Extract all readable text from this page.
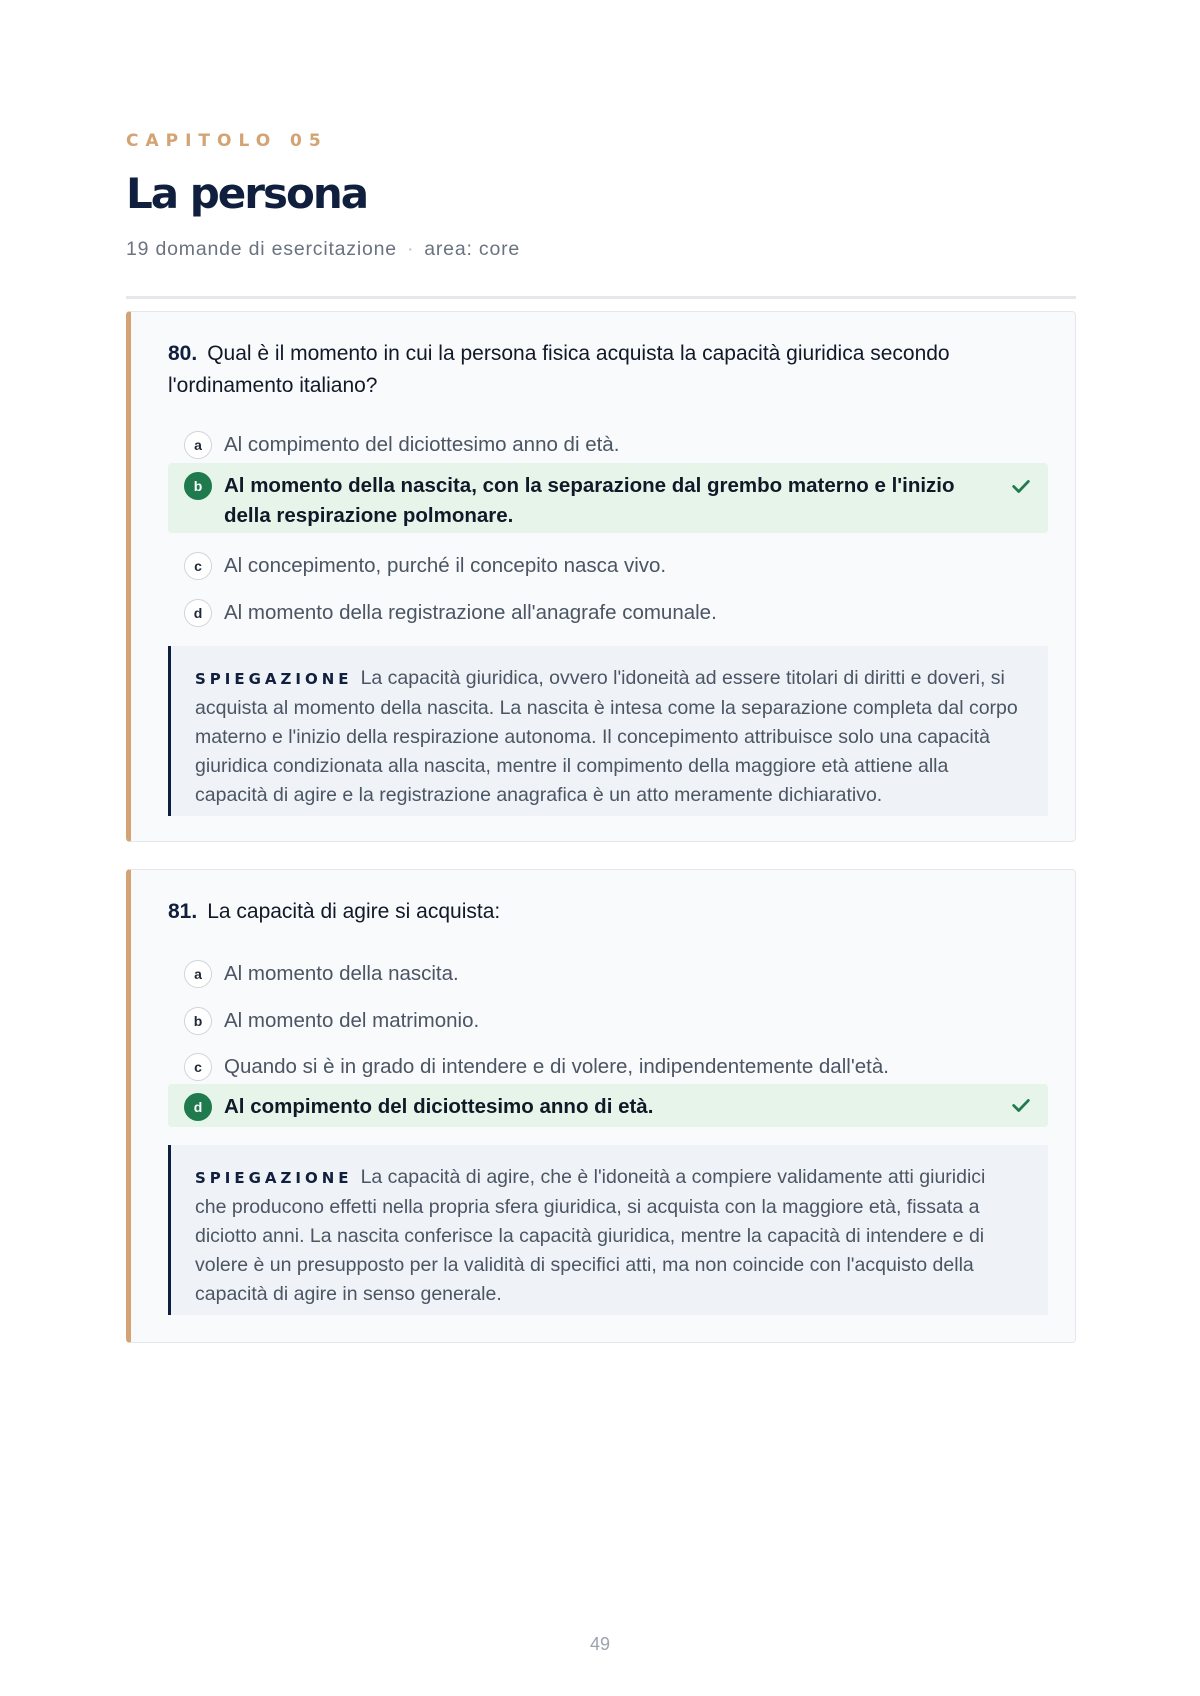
CAPITOLO 05
La persona
19 domande di esercitazione · area: core

80. Qual è il momento in cui la persona fisica acquista la capacità giuridica secondo l'ordinamento italiano?

a	Al compimento del diciottesimo anno di età.
b	Al momento della nascita, con la separazione dal grembo materno e l'inizio della respirazione polmonare.
c	Al concepimento, purché il concepito nasca vivo.
d	Al momento della registrazione all'anagrafe comunale.

SPIEGAZIONE La capacità giuridica, ovvero l'idoneità ad essere titolari di diritti e doveri, si acquista al momento della nascita. La nascita è intesa come la separazione completa dal corpo materno e l'inizio della respirazione autonoma. Il concepimento attribuisce solo una capacità giuridica condizionata alla nascita, mentre il compimento della maggiore età attiene alla capacità di agire e la registrazione anagrafica è un atto meramente dichiarativo.

81. La capacità di agire si acquista:

a	Al momento della nascita.
b	Al momento del matrimonio.
c	Quando si è in grado di intendere e di volere, indipendentemente dall'età.
d	Al compimento del diciottesimo anno di età.

SPIEGAZIONE La capacità di agire, che è l'idoneità a compiere validamente atti giuridici che producono effetti nella propria sfera giuridica, si acquista con la maggiore età, fissata a diciotto anni. La nascita conferisce la capacità giuridica, mentre la capacità di intendere e di volere è un presupposto per la validità di specifici atti, ma non coincide con l'acquisto della capacità di agire in senso generale.

49
